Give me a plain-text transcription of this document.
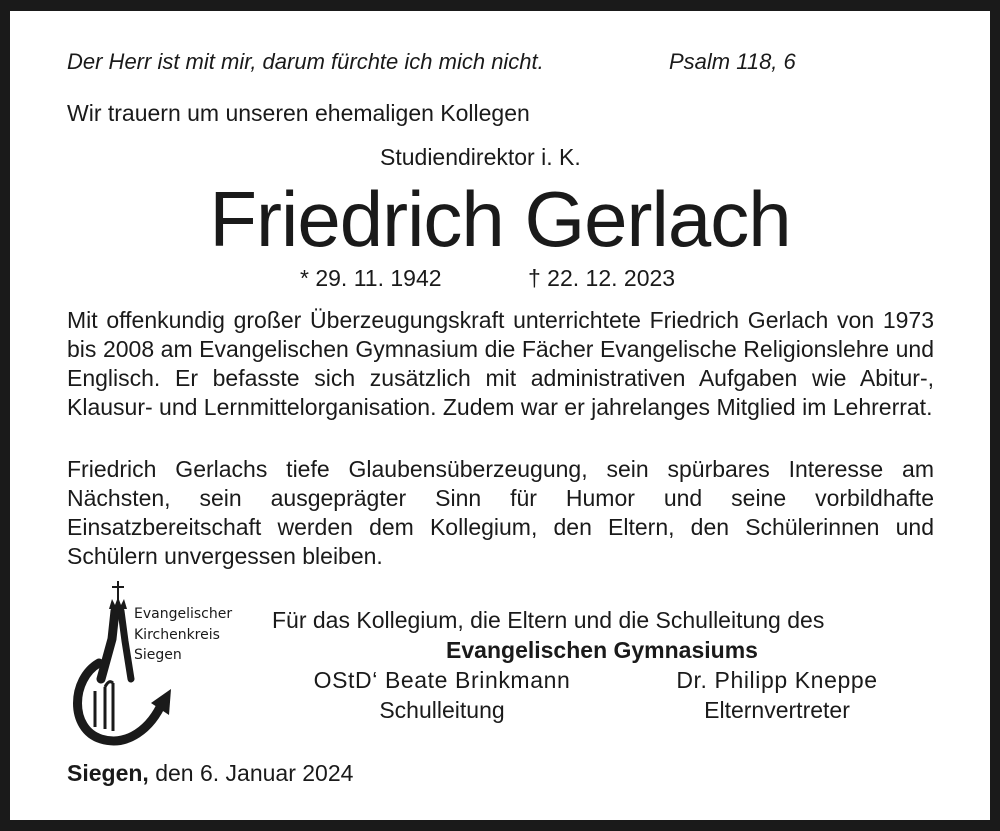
Der Herr ist mit mir, darum fürchte ich mich nicht.	Psalm 118, 6
Wir trauern um unseren ehemaligen Kollegen
Studiendirektor i. K.
Friedrich Gerlach
* 29. 11. 1942	† 22. 12. 2023

Mit offenkundig großer Überzeugungskraft unterrichtete Friedrich Gerlach von 1973 bis 2008 am Evangelischen Gymnasium die Fächer Evangelische Religionslehre und Englisch. Er befasste sich zusätzlich mit administrativen Aufgaben wie Abitur-, Klausur- und Lernmittelorganisation. Zudem war er jahrelanges Mitglied im Lehrerrat.

Friedrich Gerlachs tiefe Glaubensüberzeugung, sein spürbares Interesse am Nächsten, sein ausgeprägter Sinn für Humor und seine vorbildhafte Einsatzbereitschaft werden dem Kollegium, den Eltern, den Schülerinnen und Schülern unvergessen bleiben.

Evangelischer
Kirchenkreis
Siegen
Für das Kollegium, die Eltern und die Schulleitung des
Evangelischen Gymnasiums
OStD‘ Beate Brinkmann
Schulleitung
Dr. Philipp Kneppe
Elternvertreter
Siegen, den 6. Januar 2024
